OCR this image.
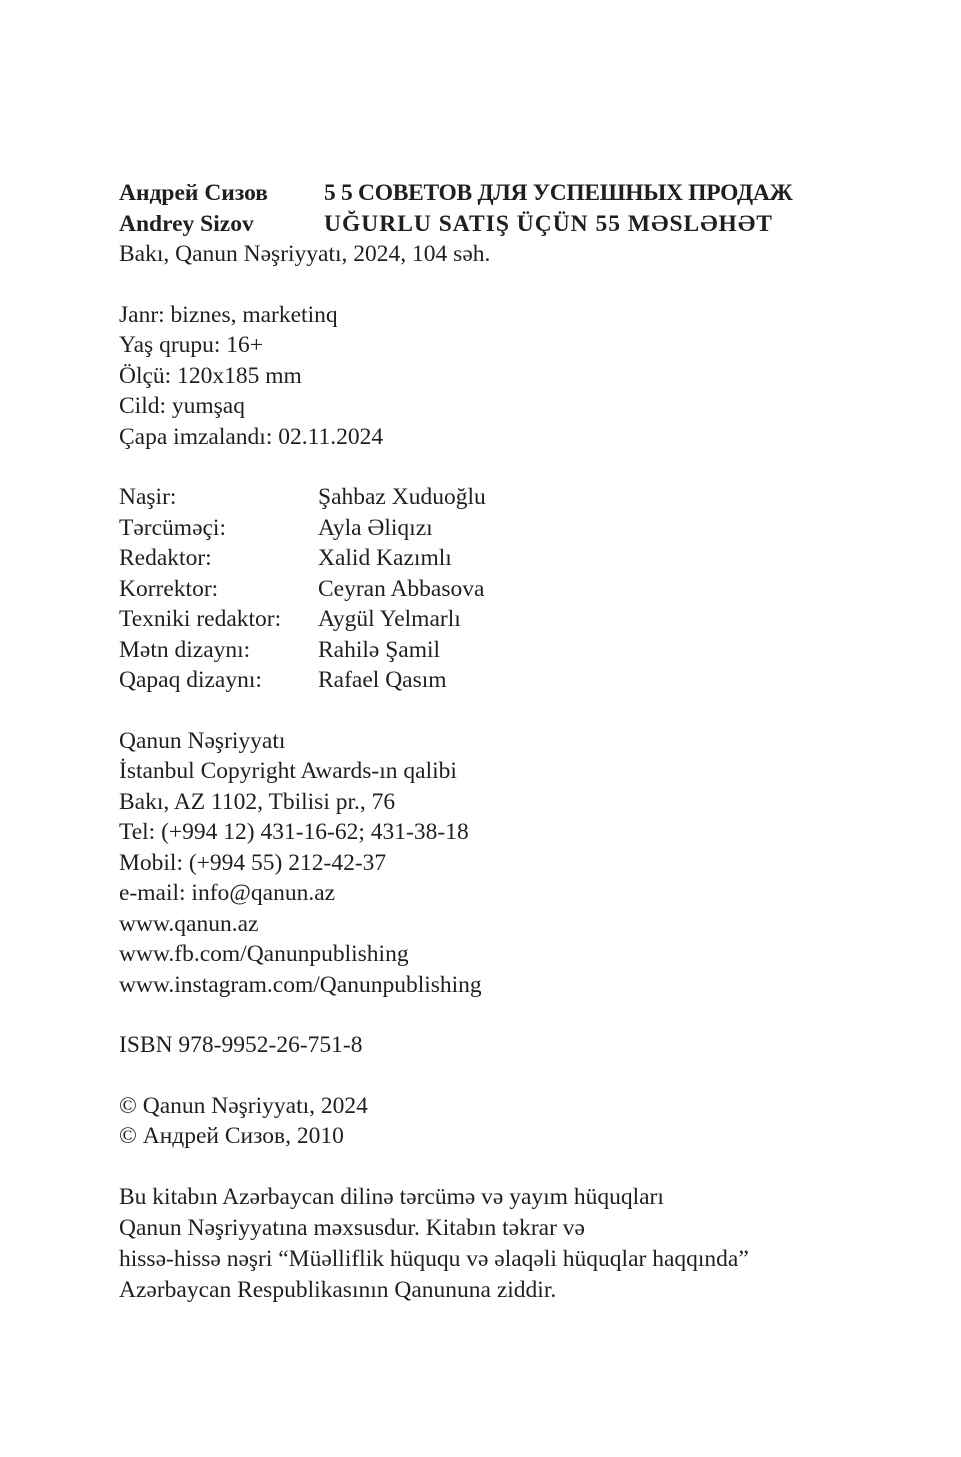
Андрей Сизов	5 5 СОВЕТОВ ДЛЯ УСПЕШНЫХ ПРОДАЖ
Andrey Sizov	UĞURLU SATIŞ ÜÇÜN 55 MƏSLƏHƏT
Bakı, Qanun Nəşriyyatı, 2024, 104 səh.
Janr: biznes, marketinq
Yaş qrupu: 16+
Ölçü: 120x185 mm
Cild: yumşaq
Çapa imzalandı: 02.11.2024
Naşir:	Şahbaz Xuduoğlu
Tərcüməçi:	Ayla Əliqızı
Redaktor:	Xalid Kazımlı
Korrektor:	Ceyran Abbasova
Texniki redaktor:	Aygül Yelmarlı
Mətn dizaynı:	Rahilə Şamil
Qapaq dizaynı:	Rafael Qasım
Qanun Nəşriyyatı
İstanbul Copyright Awards-ın qalibi
Bakı, AZ 1102, Tbilisi pr., 76
Tel: (+994 12) 431-16-62; 431-38-18
Mobil: (+994 55) 212-42-37
e-mail: info@qanun.az
www.qanun.az
www.fb.com/Qanunpublishing
www.instagram.com/Qanunpublishing
ISBN 978-9952-26-751-8
© Qanun Nəşriyyatı, 2024
© Андрей Сизов, 2010
Bu kitabın Azərbaycan dilinə tərcümə və yayım hüquqları
Qanun Nəşriyyatına məxsusdur. Kitabın təkrar və
hissə-hissə nəşri “Müəlliflik hüququ və əlaqəli hüquqlar haqqında”
Azərbaycan Respublikasının Qanununa ziddir.
